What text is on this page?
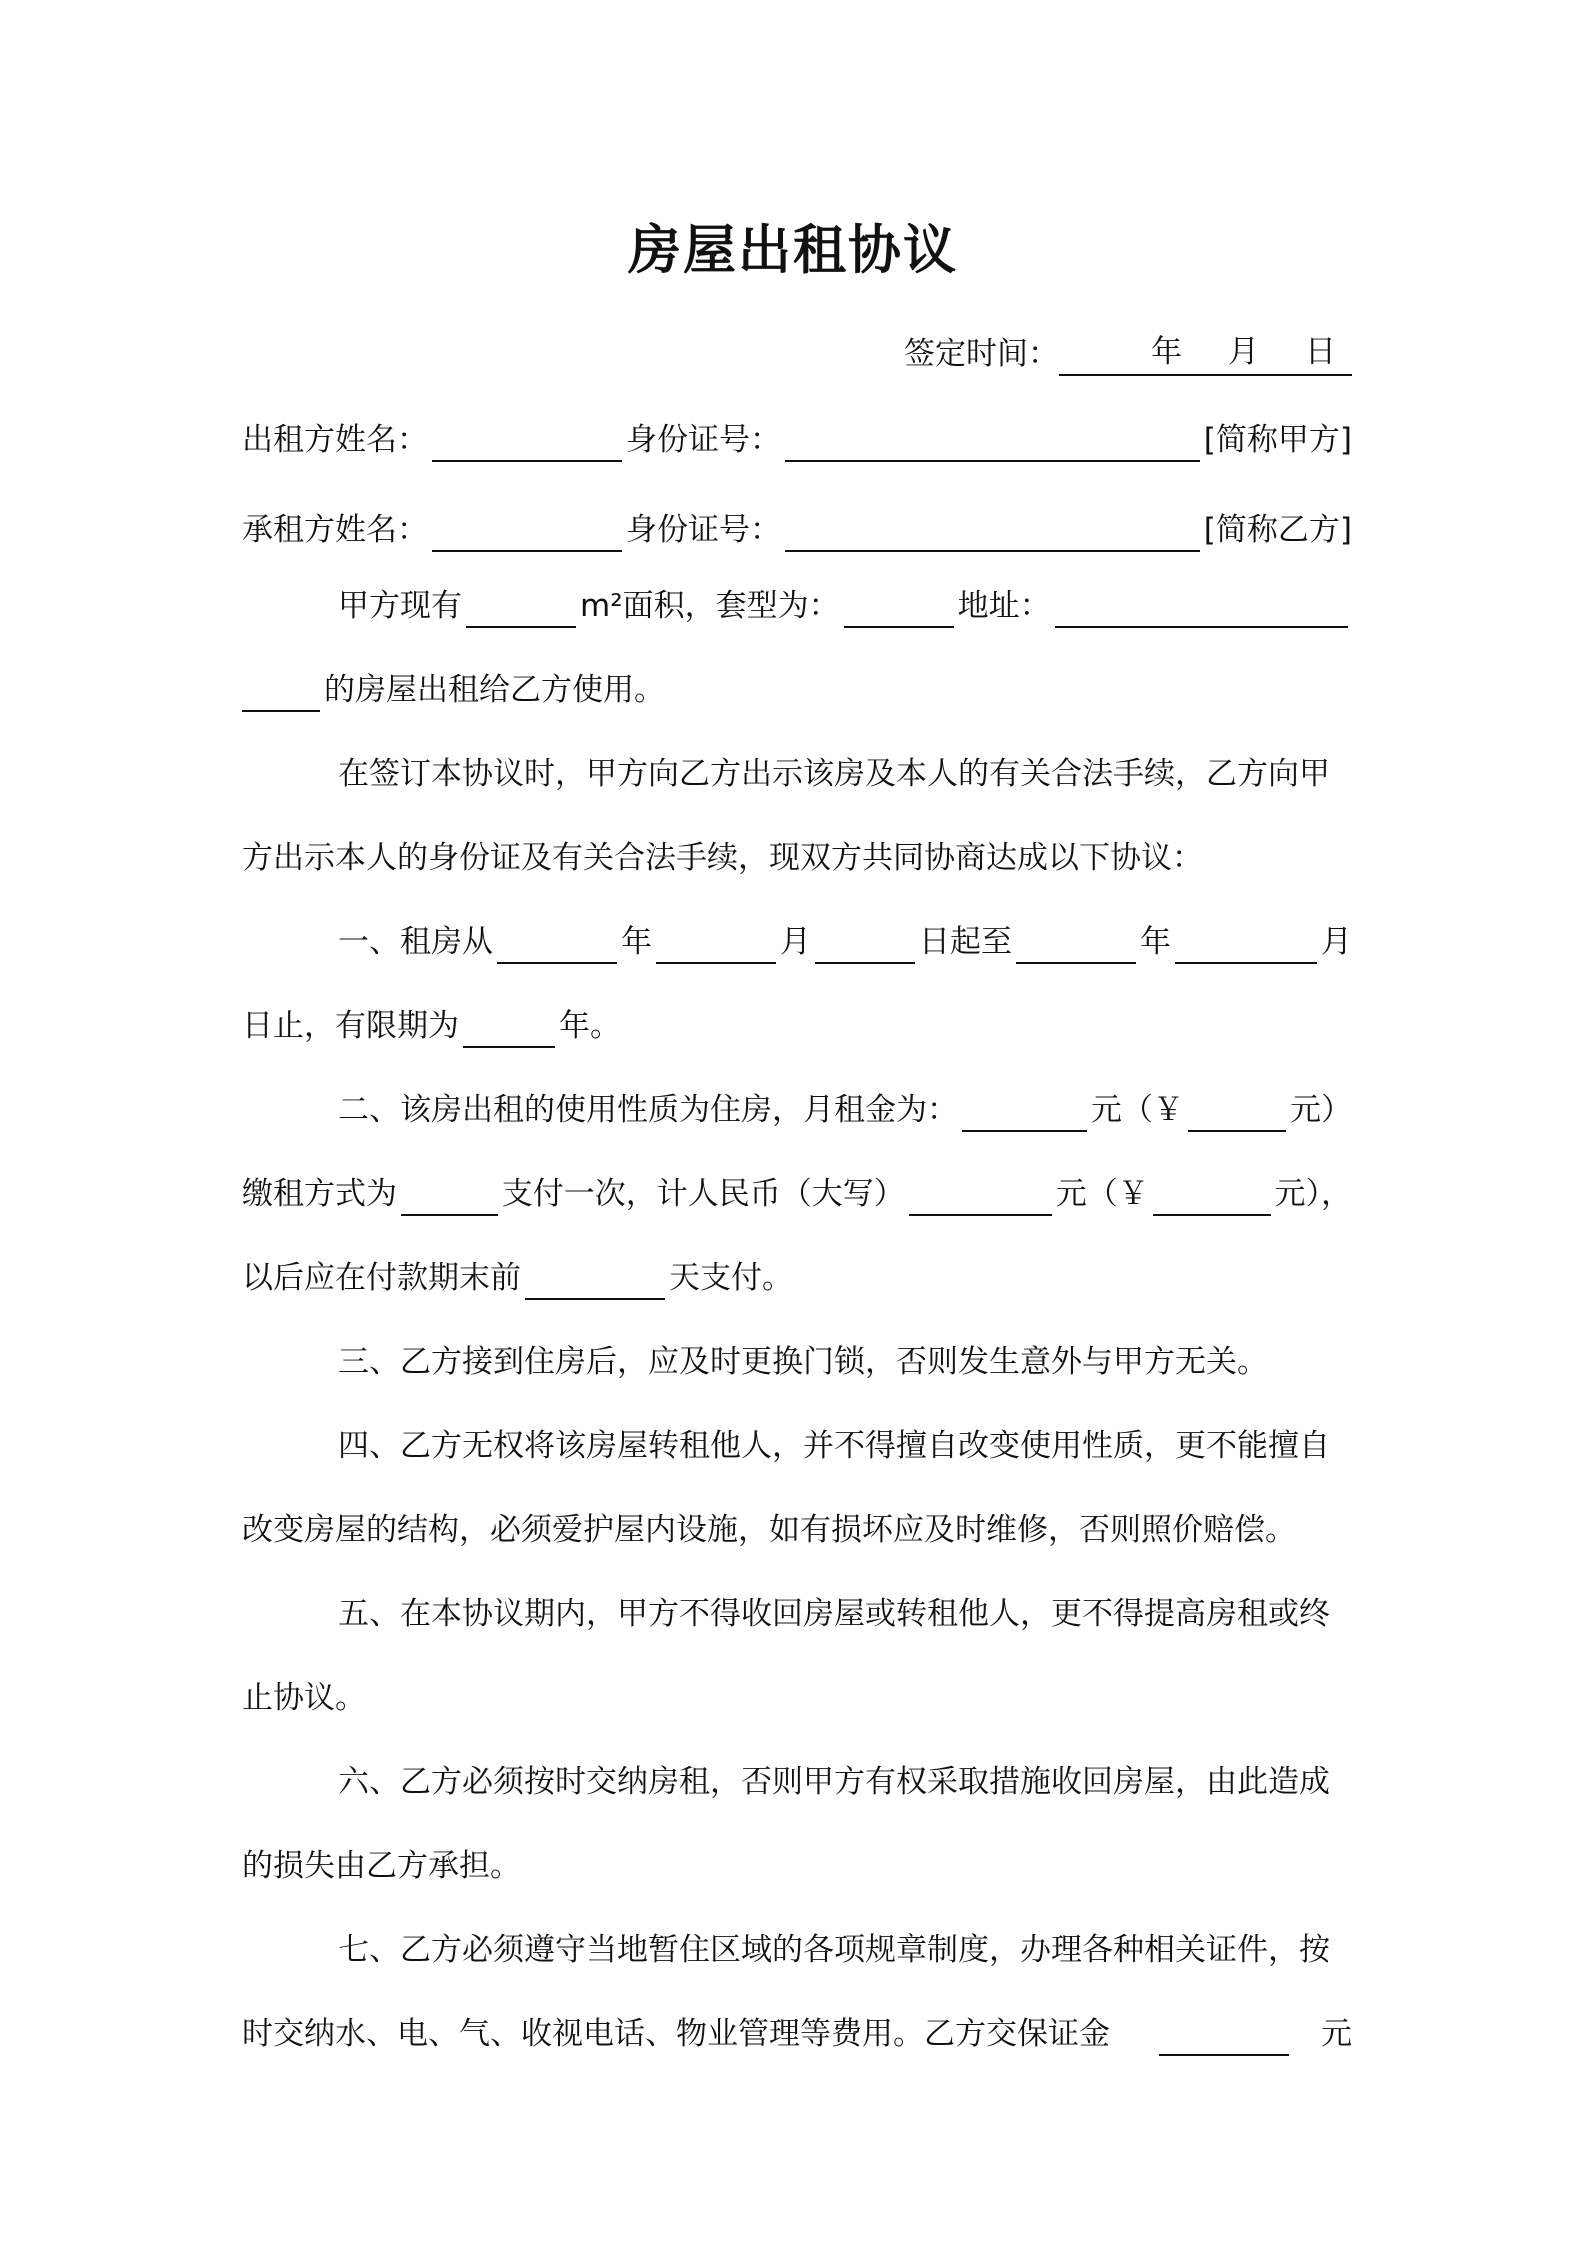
房屋出租协议
签定时间：	年 月 日
出租方姓名：	身份证号：	[简称甲方]
承租方姓名：	身份证号：	[简称乙方]
甲方现有	m²面积，套型为：	地址：
的房屋出租给乙方使用。
在签订本协议时，甲方向乙方出示该房及本人的有关合法手续，乙方向甲
方出示本人的身份证及有关合法手续，现双方共同协商达成以下协议：
一、租房从	年	月	日起至	年	月
日止，有限期为	年。
二、该房出租的使用性质为住房，月租金为：	元（￥	元）
缴租方式为	支付一次，计人民币（大写）	元（￥	元），
以后应在付款期末前	天支付。
三、乙方接到住房后，应及时更换门锁，否则发生意外与甲方无关。
四、乙方无权将该房屋转租他人，并不得擅自改变使用性质，更不能擅自
改变房屋的结构，必须爱护屋内设施，如有损坏应及时维修，否则照价赔偿。
五、在本协议期内，甲方不得收回房屋或转租他人，更不得提高房租或终
止协议。
六、乙方必须按时交纳房租，否则甲方有权采取措施收回房屋，由此造成
的损失由乙方承担。
七、乙方必须遵守当地暂住区域的各项规章制度，办理各种相关证件，按
时交纳水、电、气、收视电话、物业管理等费用。乙方交保证金	元
